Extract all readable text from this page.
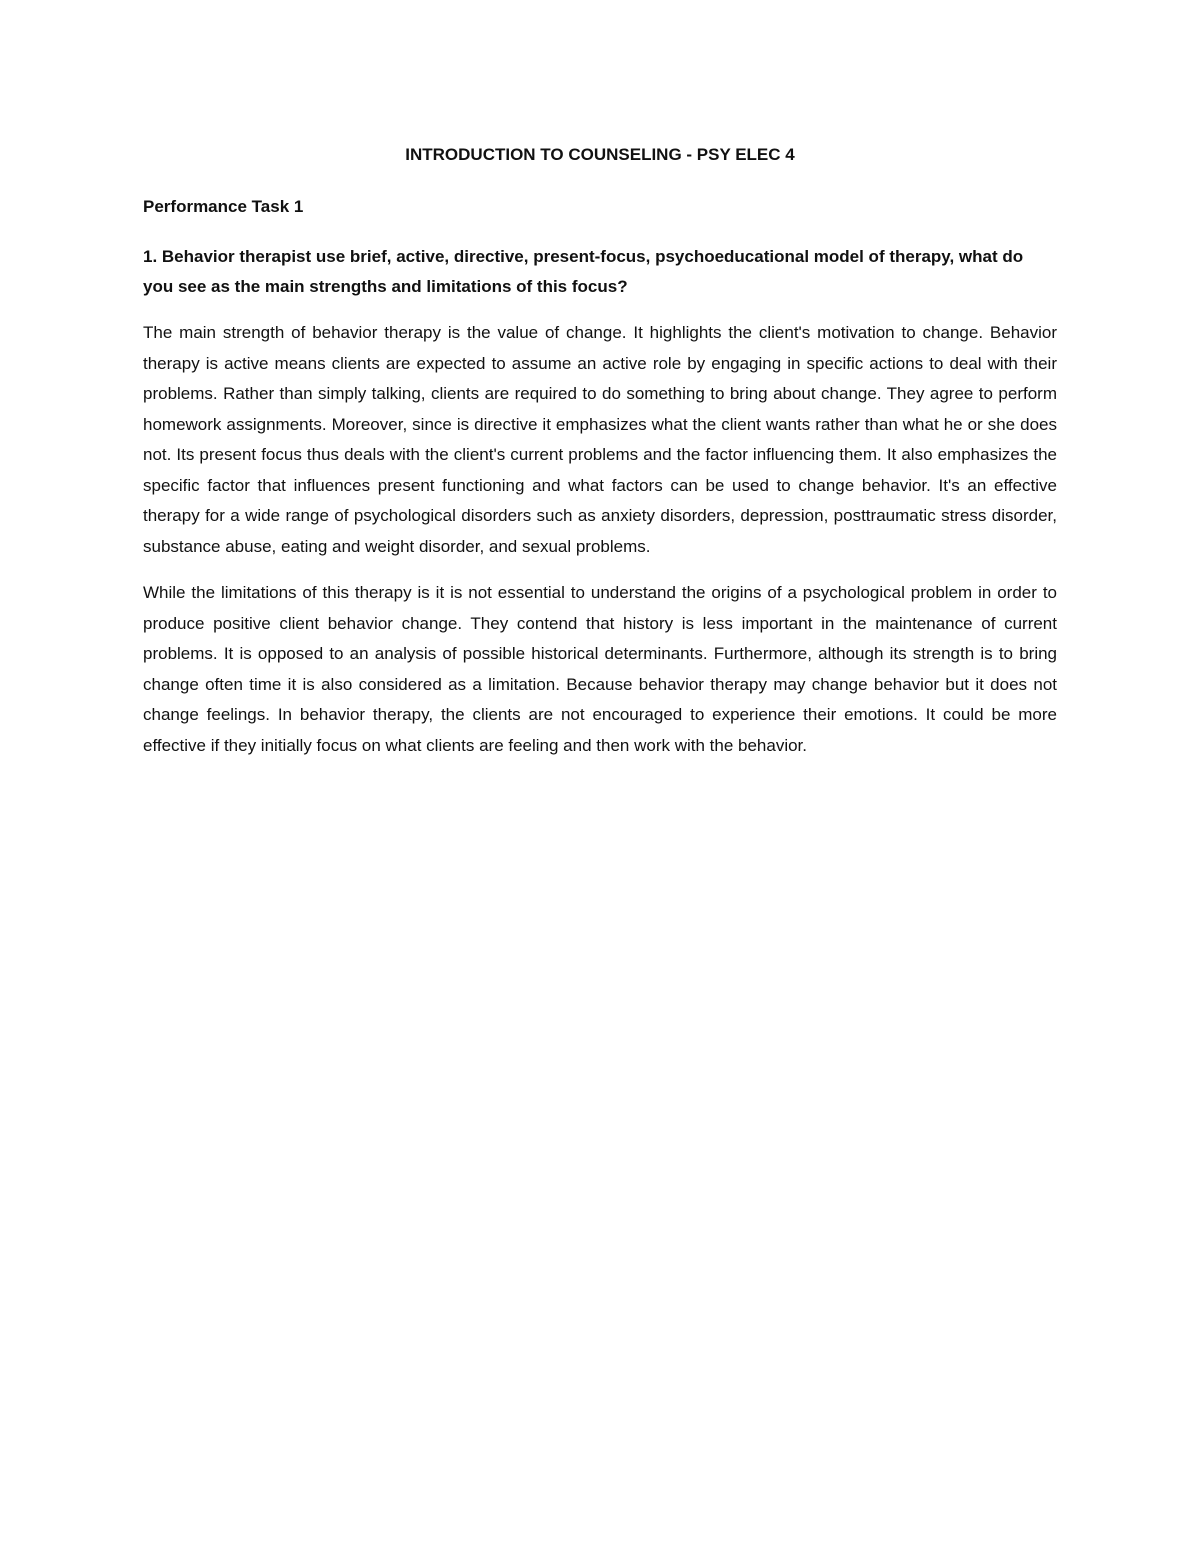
INTRODUCTION TO COUNSELING - PSY ELEC 4
Performance Task 1
1. Behavior therapist use brief, active, directive, present-focus, psychoeducational model of therapy, what do you see as the main strengths and limitations of this focus?

The main strength of behavior therapy is the value of change. It highlights the client's motivation to change. Behavior therapy is active means clients are expected to assume an active role by engaging in specific actions to deal with their problems. Rather than simply talking, clients are required to do something to bring about change. They agree to perform homework assignments. Moreover, since is directive it emphasizes what the client wants rather than what he or she does not. Its present focus thus deals with the client's current problems and the factor influencing them. It also emphasizes the specific factor that influences present functioning and what factors can be used to change behavior. It's an effective therapy for a wide range of psychological disorders such as anxiety disorders, depression, posttraumatic stress disorder, substance abuse, eating and weight disorder, and sexual problems.

While the limitations of this therapy is it is not essential to understand the origins of a psychological problem in order to produce positive client behavior change. They contend that history is less important in the maintenance of current problems. It is opposed to an analysis of possible historical determinants. Furthermore, although its strength is to bring change often time it is also considered as a limitation. Because behavior therapy may change behavior but it does not change feelings. In behavior therapy, the clients are not encouraged to experience their emotions. It could be more effective if they initially focus on what clients are feeling and then work with the behavior.
